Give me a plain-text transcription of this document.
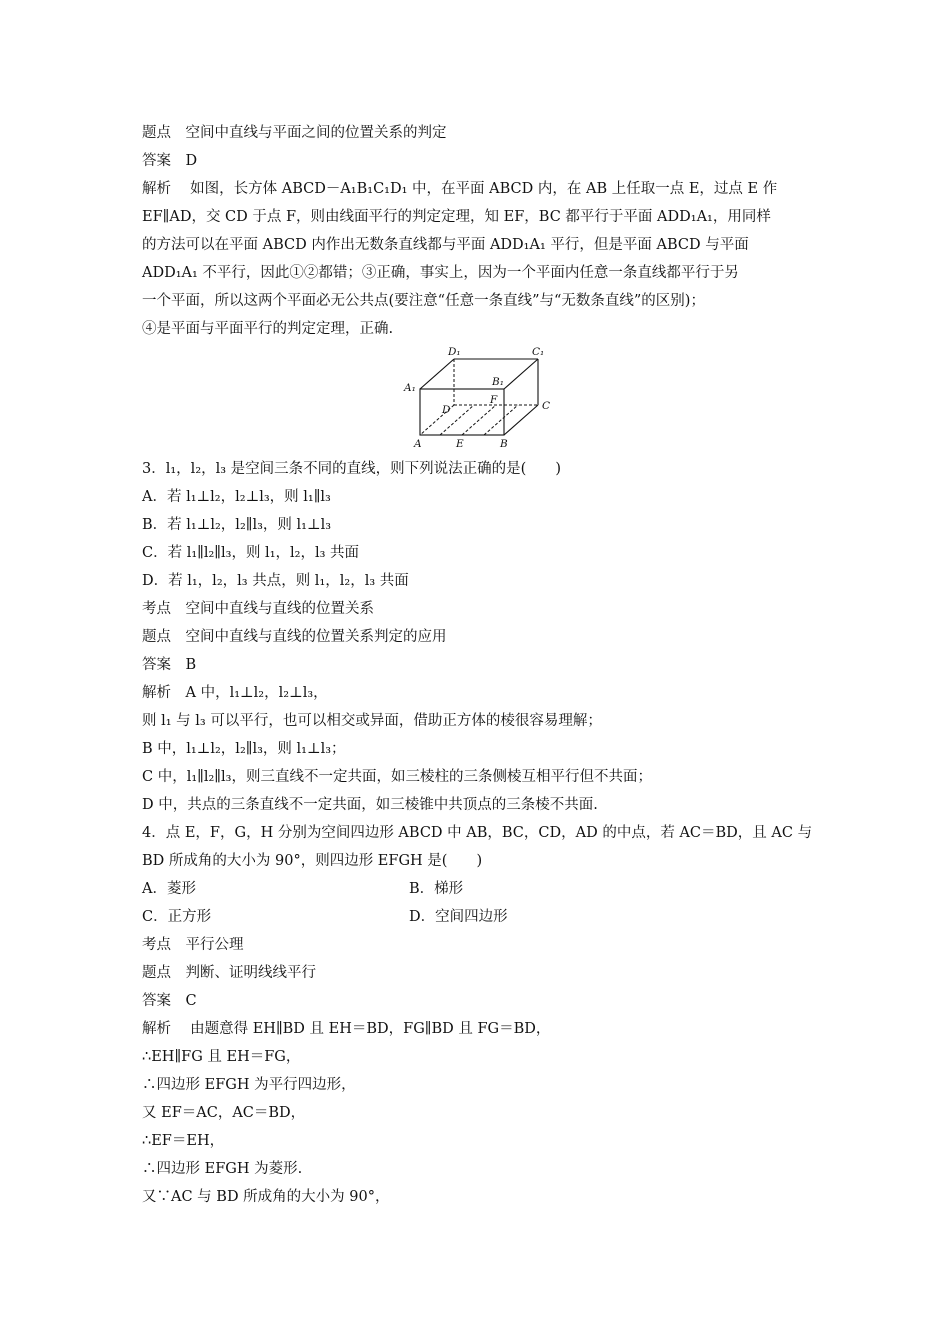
题点　空间中直线与平面之间的位置关系的判定
答案　D
解析　 如图，长方体 ABCD－A₁B₁C₁D₁ 中，在平面 ABCD 内，在 AB 上任取一点 E，过点 E 作
EF∥AD，交 CD 于点 F，则由线面平行的判定定理，知 EF，BC 都平行于平面 ADD₁A₁，用同样
的方法可以在平面 ABCD 内作出无数条直线都与平面 ADD₁A₁ 平行，但是平面 ABCD 与平面
ADD₁A₁ 不平行，因此①②都错；③正确，事实上，因为一个平面内任意一条直线都平行于另
一个平面，所以这两个平面必无公共点(要注意“任意一条直线”与“无数条直线”的区别)；
④是平面与平面平行的判定定理，正确.
D₁	C₁
A₁	B₁
D
F	C
A	E	B
3．l₁，l₂，l₃ 是空间三条不同的直线，则下列说法正确的是(　　)
A．若 l₁⊥l₂，l₂⊥l₃，则 l₁∥l₃
B．若 l₁⊥l₂，l₂∥l₃，则 l₁⊥l₃
C．若 l₁∥l₂∥l₃，则 l₁，l₂，l₃ 共面
D．若 l₁，l₂，l₃ 共点，则 l₁，l₂，l₃ 共面
考点　空间中直线与直线的位置关系
题点　空间中直线与直线的位置关系判定的应用
答案　B
解析　A 中，l₁⊥l₂，l₂⊥l₃，
则 l₁ 与 l₃ 可以平行，也可以相交或异面，借助正方体的棱很容易理解；
B 中，l₁⊥l₂，l₂∥l₃，则 l₁⊥l₃；
C 中，l₁∥l₂∥l₃，则三直线不一定共面，如三棱柱的三条侧棱互相平行但不共面；
D 中，共点的三条直线不一定共面，如三棱锥中共顶点的三条棱不共面.
4．点 E，F，G，H 分别为空间四边形 ABCD 中 AB，BC，CD，AD 的中点，若 AC＝BD，且 AC 与
BD 所成角的大小为 90°，则四边形 EFGH 是(　　)
A．菱形	B．梯形
C．正方形	D．空间四边形
考点　平行公理
题点　判断、证明线线平行
答案　C
解析　 由题意得 EH∥BD 且 EH＝BD，FG∥BD 且 FG＝BD，
∴EH∥FG 且 EH＝FG，
∴四边形 EFGH 为平行四边形，
又 EF＝AC，AC＝BD，
∴EF＝EH，
∴四边形 EFGH 为菱形.
又∵AC 与 BD 所成角的大小为 90°，
